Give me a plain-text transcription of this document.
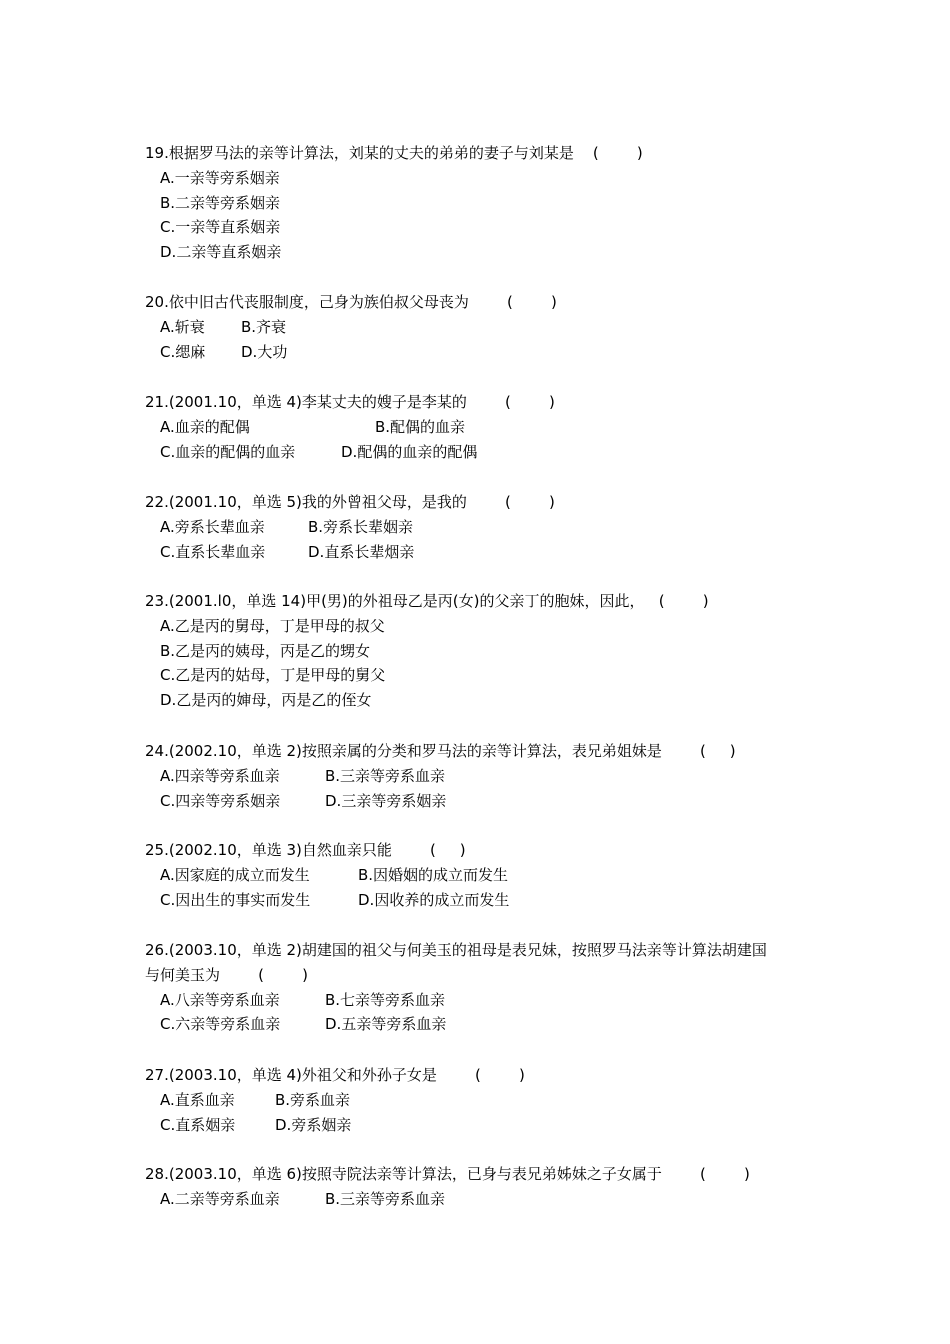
19.根据罗马法的亲等计算法，刘某的丈夫的弟弟的妻子与刘某是    (        )
A.一亲等旁系姻亲
B.二亲等旁系姻亲
C.一亲等直系姻亲
D.二亲等直系姻亲
20.依中旧古代丧服制度，己身为族伯叔父母丧为        (        )

A.斩衰

B.齐衰

C.缌麻

D.大功

21.(2001.10，单选 4)李某丈夫的嫂子是李某的        (        )

A.血亲的配偶

	B.配偶的血亲

C.血亲的配偶的血亲

	D.配偶的血亲的配偶

22.(2001.10，单选 5)我的外曾祖父母，是我的        (        )

A.旁系长辈血亲

	B.旁系长辈姻亲

C.直系长辈血亲

	D.直系长辈烟亲

23.(2001.l0，单选 14)甲(男)的外祖母乙是丙(女)的父亲丁的胞妹，因此，   (        )
A.乙是丙的舅母，丁是甲母的叔父
B.乙是丙的姨母，丙是乙的甥女
C.乙是丙的姑母，丁是甲母的舅父
D.乙是丙的婶母，丙是乙的侄女
24.(2002.10，单选 2)按照亲属的分类和罗马法的亲等计算法，表兄弟姐妹是        (     )

A.四亲等旁系血亲

	B.三亲等旁系血亲

C.四亲等旁系姻亲

	D.三亲等旁系姻亲

25.(2002.10，单选 3)自然血亲只能        (     )

A.因家庭的成立而发生

	B.因婚姻的成立而发生

C.因出生的事实而发生

	D.因收养的成立而发生

26.(2003.10，单选 2)胡建国的祖父与何美玉的祖母是表兄妹，按照罗马法亲等计算法胡建国
与何美玉为        (        )

A.八亲等旁系血亲

	B.七亲等旁系血亲

C.六亲等旁系血亲

	D.五亲等旁系血亲

27.(2003.10，单选 4)外祖父和外孙子女是        (        )

A.直系血亲

	B.旁系血亲

C.直系姻亲

	D.旁系姻亲

28.(2003.10，单选 6)按照寺院法亲等计算法，已身与表兄弟姊妹之子女属于        (        )

A.二亲等旁系血亲

	B.三亲等旁系血亲
